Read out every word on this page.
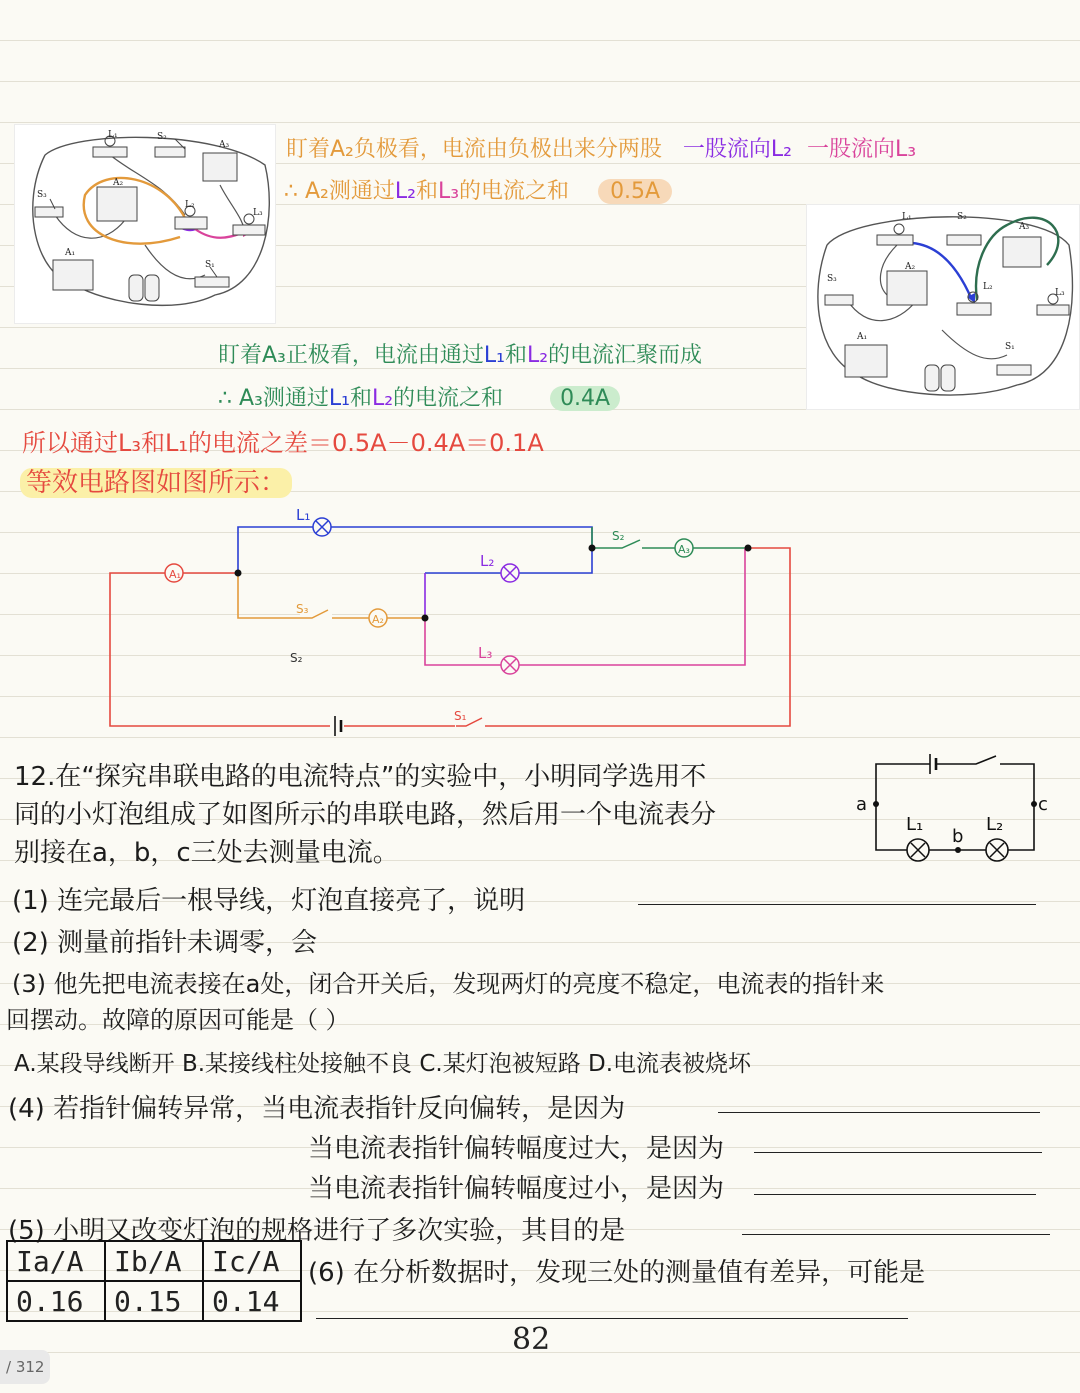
L₁	S₂
A₃
S₃
A₂
L₂
L₃
A₁
S₁
L₁	S₂
A₃
S₃
A₂
L₂
L₃
A₁
S₁
盯着A₂负极看，电流由负极出来分两股 一股流向L₂ 一股流向L₃
∴ A₂测通过L₂和L₃的电流之和 0.5A
盯着A₃正极看，电流由通过L₁和L₂的电流汇聚而成
∴ A₃测通过L₁和L₂的电流之和	0.4A
所以通过L₃和L₁的电流之差＝0.5A－0.4A＝0.1A
等效电路图如图所示：
A₁
L₁
L₂
L₃
S₃
A₂
S₂
A₃
S₂
S₁
12.在“探究串联电路的电流特点”的实验中，小明同学选用不
同的小灯泡组成了如图所示的串联电路，然后用一个电流表分
别接在a，b，c三处去测量电流。
a	c
b
L₁	L₂
(1) 连完最后一根导线，灯泡直接亮了，说明
(2) 测量前指针未调零，会
(3) 他先把电流表接在a处，闭合开关后，发现两灯的亮度不稳定，电流表的指针来
回摆动。故障的原因可能是（ ）
A.某段导线断开 B.某接线柱处接触不良 C.某灯泡被短路 D.电流表被烧坏
(4) 若指针偏转异常，当电流表指针反向偏转，是因为
当电流表指针偏转幅度过大，是因为
当电流表指针偏转幅度过小，是因为
(5) 小明又改变灯泡的规格进行了多次实验，其目的是
Ia/A	Ib/A	Ic/A
0.16	0.15	0.14
(6) 在分析数据时，发现三处的测量值有差异，可能是
82
/ 312
